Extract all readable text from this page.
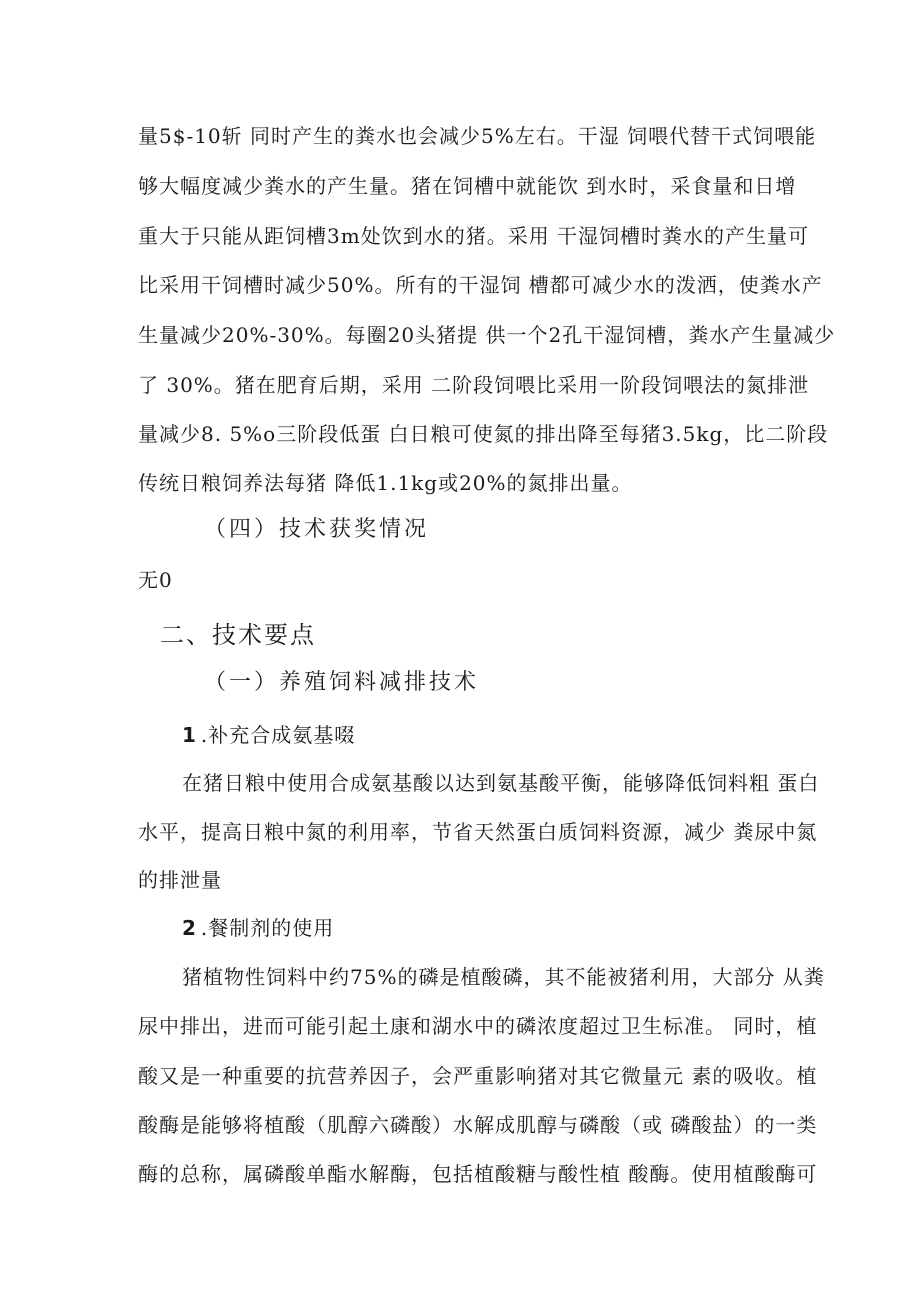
量5$-10斩 同时产生的粪水也会减少5%左右。干湿 饲喂代替干式饲喂能
够大幅度减少粪水的产生量。猪在饲槽中就能饮 到水时，采食量和日增
重大于只能从距饲槽3m处饮到水的猪。采用 干湿饲槽时粪水的产生量可
比采用干饲槽时减少50%。所有的干湿饲 槽都可减少水的泼洒，使粪水产
生量减少20%-30%。每圈20头猪提 供一个2孔干湿饲槽，粪水产生量减少
了 30%。猪在肥育后期，采用 二阶段饲喂比采用一阶段饲喂法的氮排泄
量减少8. 5%o三阶段低蛋 白日粮可使氮的排出降至每猪3.5kg，比二阶段
传统日粮饲养法每猪 降低1.1kg或20%的氮排出量。
（四）技术获奖情况
无0
二、技术要点
（一）养殖饲料减排技术
1 .补充合成氨基啜
在猪日粮中使用合成氨基酸以达到氨基酸平衡，能够降低饲料粗 蛋白
水平，提高日粮中氮的利用率，节省天然蛋白质饲料资源，减少 粪尿中氮
的排泄量
2 .餐制剂的使用
猪植物性饲料中约75%的磷是植酸磷，其不能被猪利用，大部分 从粪
尿中排出，进而可能引起土康和湖水中的磷浓度超过卫生标准。 同时，植
酸又是一种重要的抗营养因子，会严重影响猪对其它微量元 素的吸收。植
酸酶是能够将植酸（肌醇六磷酸）水解成肌醇与磷酸（或 磷酸盐）的一类
酶的总称，属磷酸单酯水解酶，包括植酸糖与酸性植 酸酶。使用植酸酶可
